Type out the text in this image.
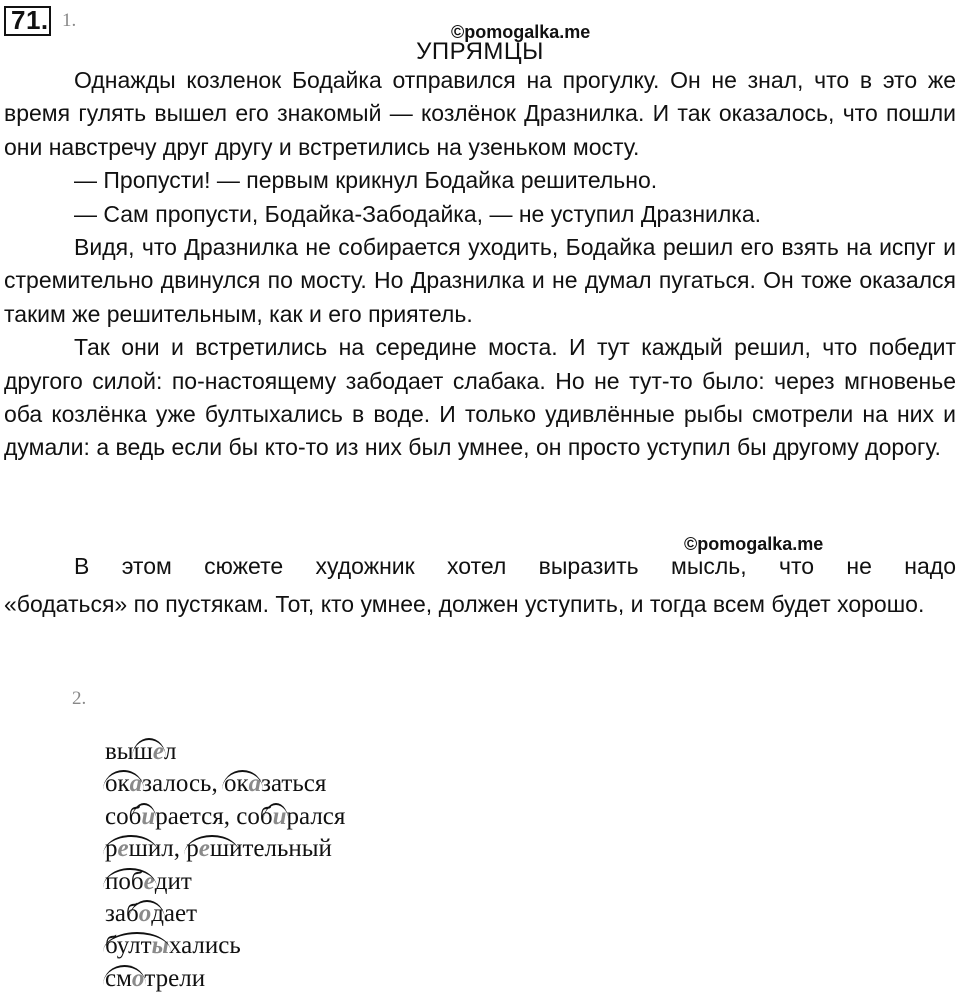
71. 1.
©pomogalka.me
УПРЯМЦЫ

Однажды козленок Бодайка отправился на прогулку. Он не знал, что в это же время гулять вышел его знакомый — козлёнок Дразнилка. И так оказалось, что пошли они навстречу друг другу и встретились на узеньком мосту.

— Пропусти! — первым крикнул Бодайка решительно.

— Сам пропусти, Бодайка-Забодайка, — не уступил Дразнилка.

Видя, что Дразнилка не собирается уходить, Бодайка решил его взять на испуг и стремительно двинулся по мосту. Но Дразнилка и не думал пугаться. Он тоже оказался таким же решительным, как и его приятель.

Так они и встретились на середине моста. И тут каждый решил, что победит другого силой: по-настоящему забодает слабака. Но не тут-то было: через мгновенье оба козлёнка уже бултыхались в воде. И только удивлённые рыбы смотрели на них и думали: а ведь если бы кто-то из них был умнее, он просто уступил бы другому дорогу.

©pomogalka.me

В этом сюжете художник хотел выразить мысль, что не надо

«бодаться» по пустякам. Тот, кто умнее, должен уступить, и тогда всем будет хорошо.

2.
вы
шел
оказалось,
оказаться
соб
ирается, соб
ирался
решил,
решительный
победит
заб
одает
бултыхались
смотрели
